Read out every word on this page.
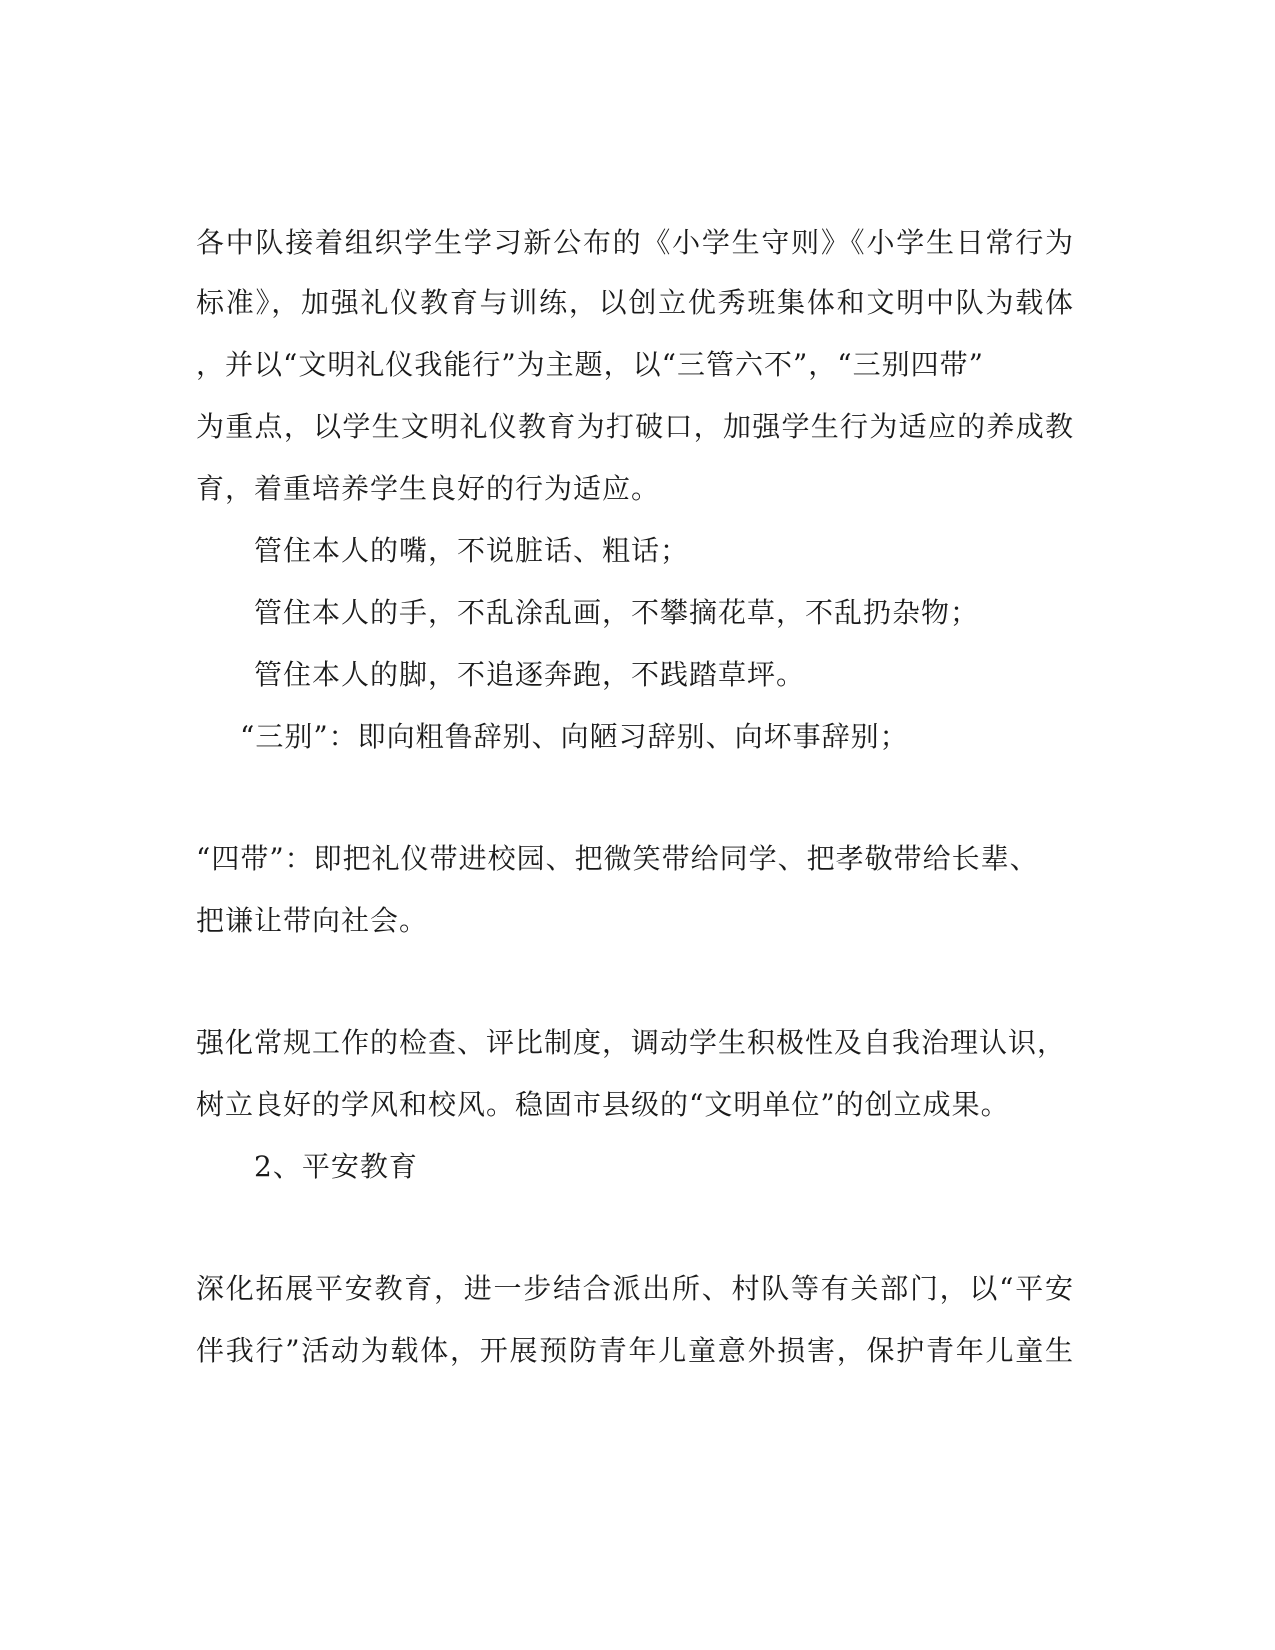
各中队接着组织学生学习新公布的《小学生守则》《小学生日常行为
标准》，加强礼仪教育与训练，以创立优秀班集体和文明中队为载体
，并以“文明礼仪我能行”为主题，以“三管六不”，“三别四带”
为重点，以学生文明礼仪教育为打破口，加强学生行为适应的养成教
育，着重培养学生良好的行为适应。
管住本人的嘴，不说脏话、粗话；
管住本人的手，不乱涂乱画，不攀摘花草，不乱扔杂物；
管住本人的脚，不追逐奔跑，不践踏草坪。
“三别”：即向粗鲁辞别、向陋习辞别、向坏事辞别；
“四带”：即把礼仪带进校园、把微笑带给同学、把孝敬带给长辈、
把谦让带向社会。
强化常规工作的检查、评比制度，调动学生积极性及自我治理认识，
树立良好的学风和校风。稳固市县级的“文明单位”的创立成果。
2、平安教育
深化拓展平安教育，进一步结合派出所、村队等有关部门，以“平安
伴我行”活动为载体，开展预防青年儿童意外损害，保护青年儿童生
